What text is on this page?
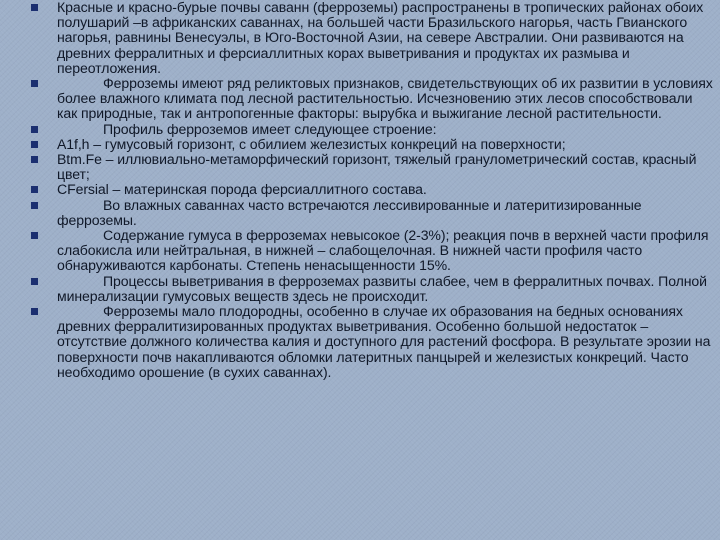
Красные и красно-бурые почвы саванн (ферроземы) распространены в тропических районах обоих полушарий –в африканских саваннах, на большей части Бразильского нагорья, часть Гвианского нагорья, равнины Венесуэлы, в Юго-Восточной Азии, на севере Австралии. Они развиваются на древних ферралитных и ферсиаллитных корах выветривания и продуктах их размыва и переотложения.
Ферроземы имеют ряд реликтовых признаков, свидетельствующих об их развитии в условиях более влажного климата под лесной растительностью. Исчезновению этих лесов способствовали как природные, так и антропогенные факторы: вырубка и выжигание лесной растительности.
Профиль ферроземов имеет следующее строение:
A1f,h – гумусовый горизонт, с обилием железистых конкреций на поверхности;
Btm.Fe – иллювиально-метаморфический горизонт, тяжелый гранулометрический состав, красный цвет;
CFersial – материнская порода ферсиаллитного состава.
Во влажных саваннах часто встречаются лессивированные и латеритизированные ферроземы.
Содержание гумуса в ферроземах невысокое (2-3%); реакция почв в верхней части профиля слабокисла или нейтральная, в нижней – слабощелочная. В нижней части профиля часто обнаруживаются карбонаты. Степень ненасыщенности 15%.
Процессы выветривания в ферроземах развиты слабее, чем в ферралитных почвах. Полной минерализации гумусовых веществ здесь не происходит.
Ферроземы мало плодородны, особенно в случае их образования на бедных основаниях древних ферралитизированных продуктах выветривания. Особенно большой недостаток – отсутствие должного количества калия и доступного для растений фосфора. В результате эрозии на поверхности почв накапливаются обломки латеритных панцырей и железистых конкреций. Часто необходимо орошение (в сухих саваннах).
